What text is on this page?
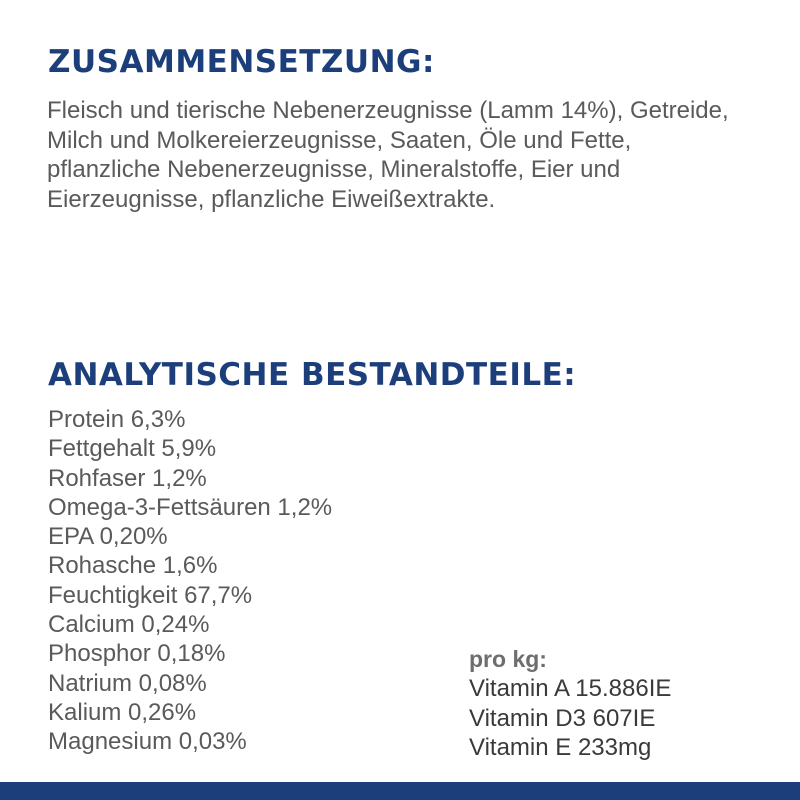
ZUSAMMENSETZUNG:

Fleisch und tierische Nebenerzeugnisse (Lamm 14%), Getreide, Milch und Molkereierzeugnisse, Saaten, Öle und Fette, pflanzliche Nebenerzeugnisse, Mineralstoffe, Eier und Eierzeugnisse, pflanzliche Eiweißextrakte.

ANALYTISCHE BESTANDTEILE:
Protein 6,3%
Fettgehalt 5,9%
Rohfaser 1,2%
Omega-3-Fettsäuren 1,2%
EPA 0,20%
Rohasche 1,6%
Feuchtigkeit 67,7%
Calcium 0,24%
Phosphor 0,18%
Natrium 0,08%
Kalium 0,26%
Magnesium 0,03%
pro kg:
Vitamin A 15.886IE
Vitamin D3 607IE
Vitamin E 233mg
